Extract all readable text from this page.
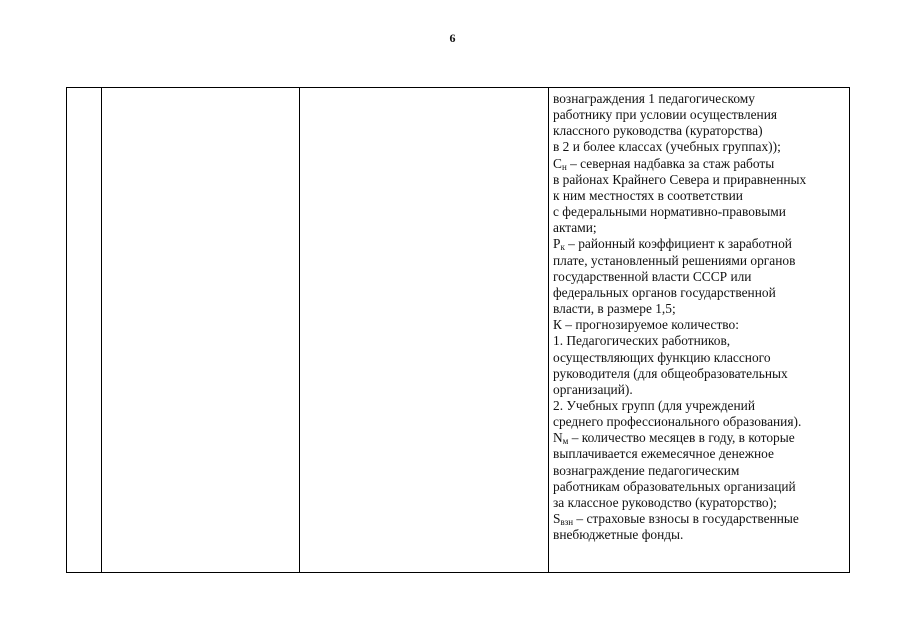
6

вознаграждения 1 педагогическому
работнику при условии осуществления
классного руководства (кураторства)
в 2 и более классах (учебных группах));
$С_н$ – северная надбавка за стаж работы
в районах Крайнего Севера и приравненных
к ним местностях в соответствии
с федеральными нормативно-правовыми
актами;
$Р_к$ – районный коэффициент к заработной
плате, установленный решениями органов
государственной власти СССР или
федеральных органов государственной
власти, в размере 1,5;
К – прогнозируемое количество:
1. Педагогических работников,
осуществляющих функцию классного
руководителя (для общеобразовательных
организаций).
2. Учебных групп (для учреждений
среднего профессионального образования).
$N_м$ – количество месяцев в году, в которые
выплачивается ежемесячное денежное
вознаграждение педагогическим
работникам образовательных организаций
за классное руководство (кураторство);
$S_{взн}$ – страховые взносы в государственные
внебюджетные фонды.
